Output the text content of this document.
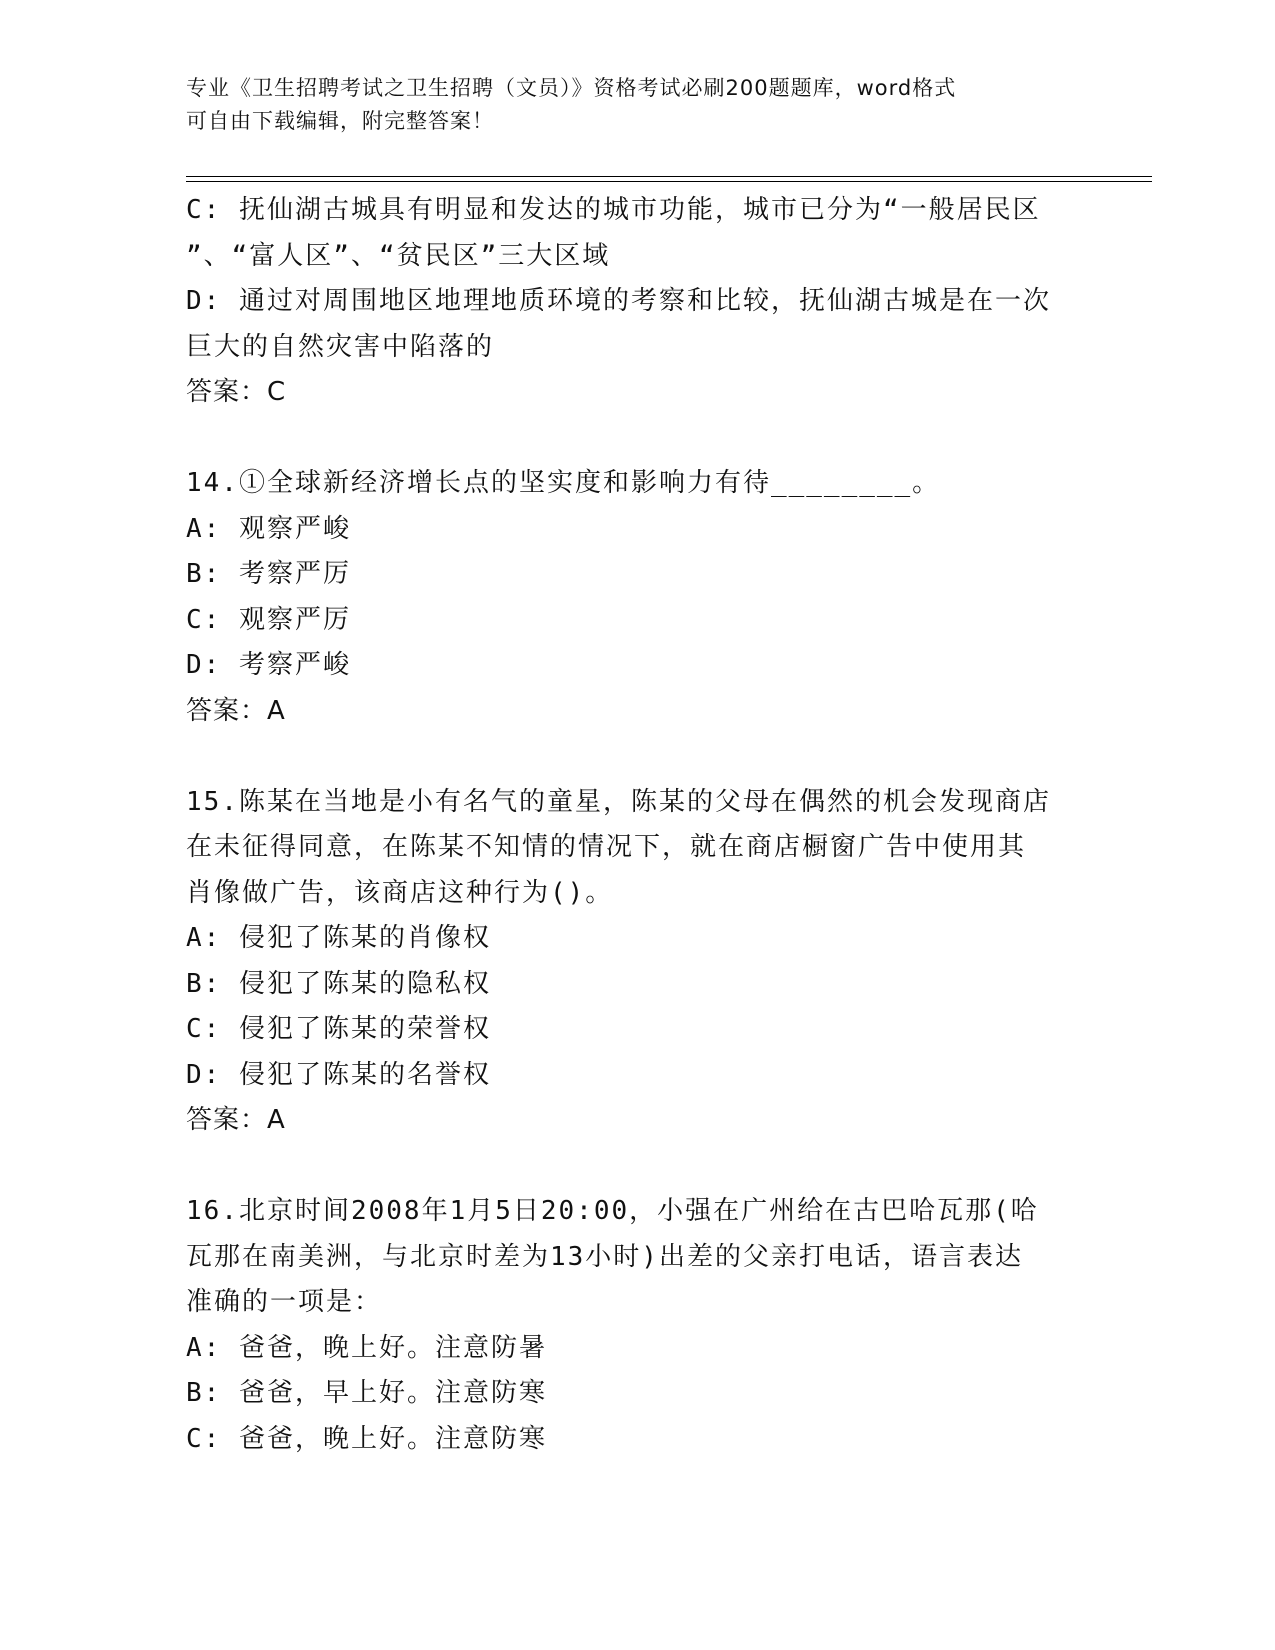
专业《卫生招聘考试之卫生招聘（文员）》资格考试必刷200题题库，word格式
可自由下载编辑，附完整答案！
C: 抚仙湖古城具有明显和发达的城市功能，城市已分为“一般居民区
”、“富人区”、“贫民区”三大区域
D: 通过对周围地区地理地质环境的考察和比较，抚仙湖古城是在一次
巨大的自然灾害中陷落的
答案：C
14.①全球新经济增长点的坚实度和影响力有待________。
A: 观察严峻
B: 考察严厉
C: 观察严厉
D: 考察严峻
答案：A
15.陈某在当地是小有名气的童星，陈某的父母在偶然的机会发现商店
在未征得同意，在陈某不知情的情况下，就在商店橱窗广告中使用其
肖像做广告，该商店这种行为()。
A: 侵犯了陈某的肖像权
B: 侵犯了陈某的隐私权
C: 侵犯了陈某的荣誉权
D: 侵犯了陈某的名誉权
答案：A
16.北京时间2008年1月5日20:00，小强在广州给在古巴哈瓦那(哈
瓦那在南美洲，与北京时差为13小时)出差的父亲打电话，语言表达
准确的一项是：
A: 爸爸，晚上好。注意防暑
B: 爸爸，早上好。注意防寒
C: 爸爸，晚上好。注意防寒
